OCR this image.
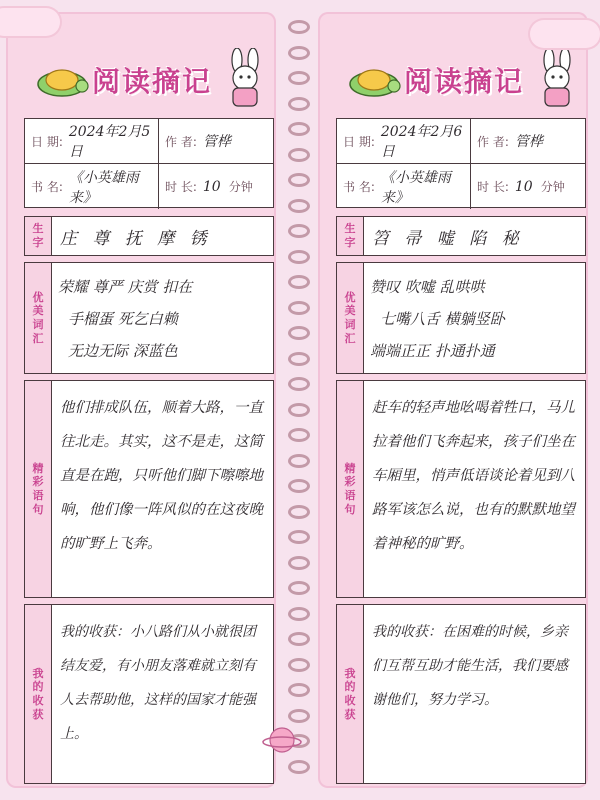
阅读摘记
日 期:
2024年2月5日
作 者: 管桦
书 名:
《小英雄雨来》
时 长: 10 分钟
生
字 庄 尊 抚 摩 锈
优
美
词
汇
荣耀 尊严 庆赏 扣在
手榴蛋 死乞白赖
无边无际 深蓝色
精
彩
语
句
他们排成队伍，顺着大路，一直往北走。其实，这不是走，这简直是在跑，只听他们脚下嚓嚓地响，他们像一阵风似的在这夜晚的旷野上飞奔。
我
的
收
获
我的收获：小八路们从小就很团结友爱，有小朋友落难就立刻有人去帮助他，这样的国家才能强上。
阅读摘记
日 期:
2024年2月6日
作 者: 管桦
书 名:
《小英雄雨来》
时 长: 10 分钟
生
字 笤 帚 嘘 陷 秘
优
美
词
汇
赞叹 吹嘘 乱哄哄
七嘴八舌 横躺竖卧
端端正正 扑通扑通
精
彩
语
句
赶车的轻声地吆喝着牲口，马儿拉着他们飞奔起来，孩子们坐在车厢里，悄声低语谈论着见到八路军该怎么说，也有的默默地望着神秘的旷野。
我
的
收
获
我的收获：在困难的时候，乡亲们互帮互助才能生活，我们要感谢他们，努力学习。
